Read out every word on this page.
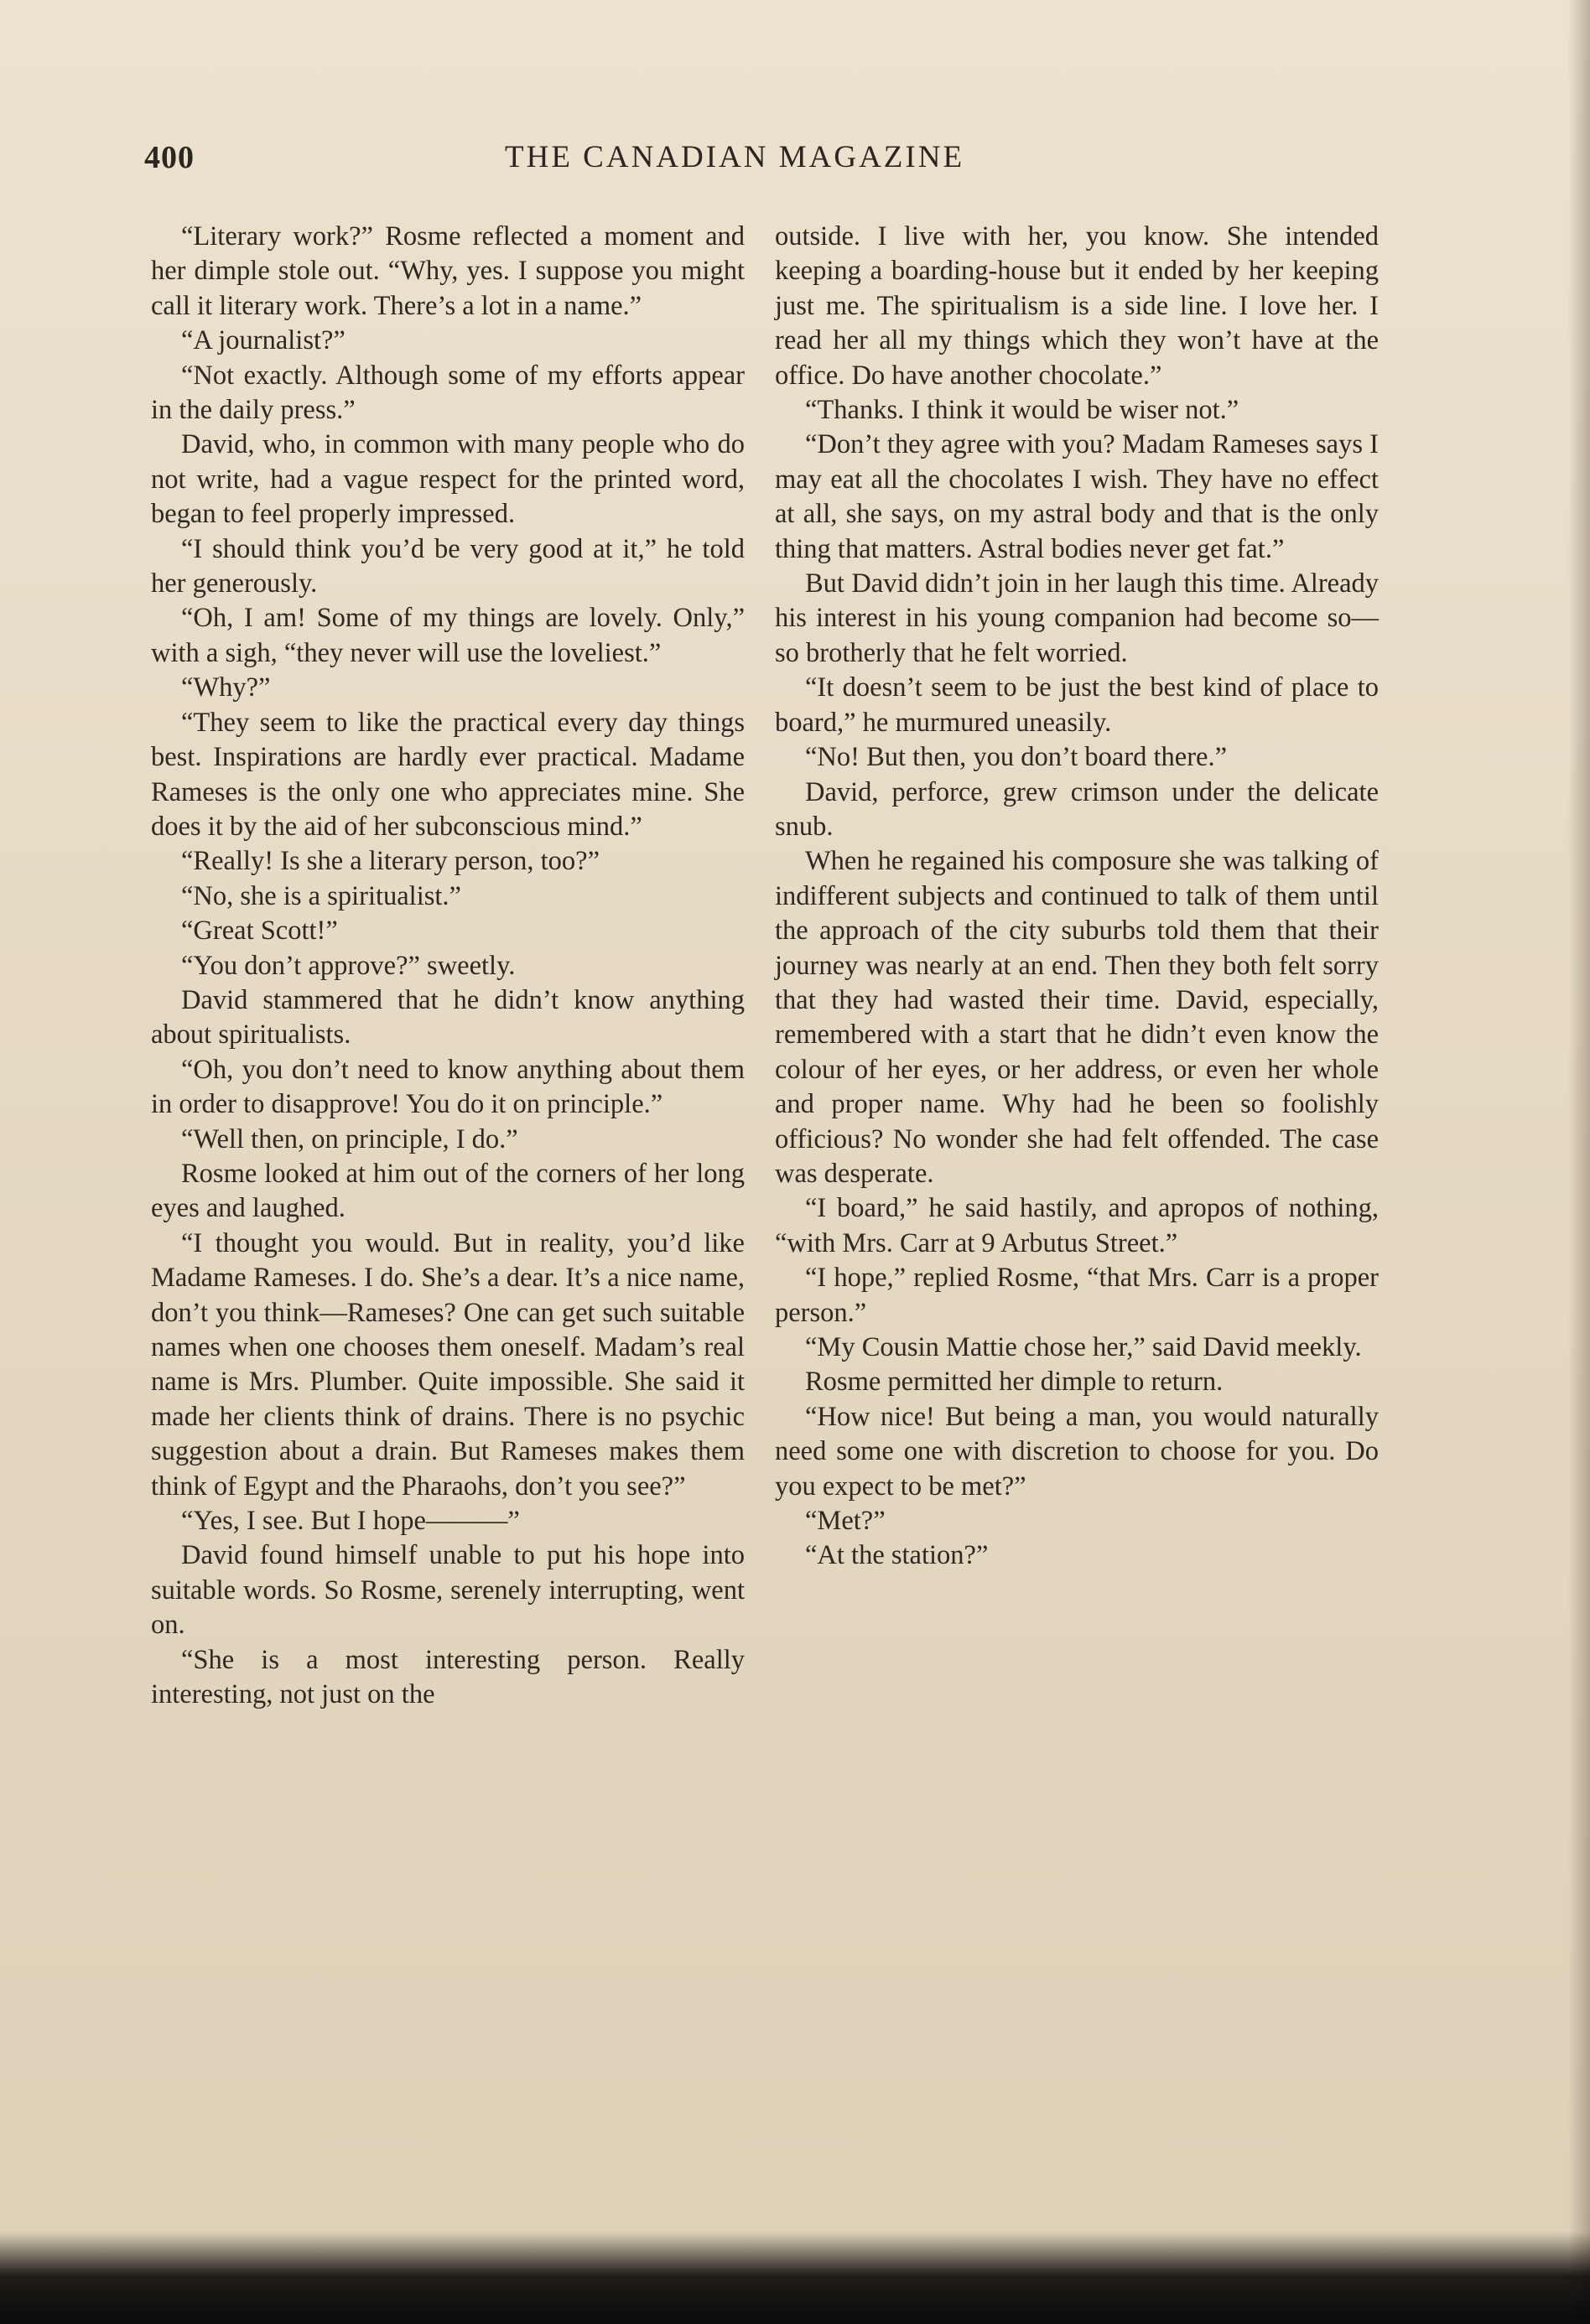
400	THE CANADIAN MAGAZINE

“Literary work?” Rosme reflected a moment and her dimple stole out. “Why, yes. I suppose you might call it literary work. There’s a lot in a name.”

“A journalist?”

“Not exactly. Although some of my efforts appear in the daily press.”

David, who, in common with many people who do not write, had a vague respect for the printed word, began to feel properly impressed.

“I should think you’d be very good at it,” he told her generously.

“Oh, I am! Some of my things are lovely. Only,” with a sigh, “they never will use the loveliest.”

“Why?”

“They seem to like the practical every day things best. Inspirations are hardly ever practical. Madame Rameses is the only one who appreciates mine. She does it by the aid of her subconscious mind.”

“Really! Is she a literary person, too?”

“No, she is a spiritualist.”

“Great Scott!”

“You don’t approve?” sweetly.

David stammered that he didn’t know anything about spiritualists.

“Oh, you don’t need to know anything about them in order to disapprove! You do it on principle.”

“Well then, on principle, I do.”

Rosme looked at him out of the corners of her long eyes and laughed.

“I thought you would. But in reality, you’d like Madame Rameses. I do. She’s a dear. It’s a nice name, don’t you think—Rameses? One can get such suitable names when one chooses them oneself. Madam’s real name is Mrs. Plumber. Quite impossible. She said it made her clients think of drains. There is no psychic suggestion about a drain. But Rameses makes them think of Egypt and the Pharaohs, don’t you see?”

“Yes, I see. But I hope———”

David found himself unable to put his hope into suitable words. So Rosme, serenely interrupting, went on.

“She is a most interesting person. Really interesting, not just on the

outside. I live with her, you know. She intended keeping a boarding-house but it ended by her keeping just me. The spiritualism is a side line. I love her. I read her all my things which they won’t have at the office. Do have another chocolate.”

“Thanks. I think it would be wiser not.”

“Don’t they agree with you? Madam Rameses says I may eat all the chocolates I wish. They have no effect at all, she says, on my astral body and that is the only thing that matters. Astral bodies never get fat.”

But David didn’t join in her laugh this time. Already his interest in his young companion had become so—so brotherly that he felt worried.

“It doesn’t seem to be just the best kind of place to board,” he murmured uneasily.

“No! But then, you don’t board there.”

David, perforce, grew crimson under the delicate snub.

When he regained his composure she was talking of indifferent subjects and continued to talk of them until the approach of the city suburbs told them that their journey was nearly at an end. Then they both felt sorry that they had wasted their time. David, especially, remembered with a start that he didn’t even know the colour of her eyes, or her address, or even her whole and proper name. Why had he been so foolishly officious? No wonder she had felt offended. The case was desperate.

“I board,” he said hastily, and apropos of nothing, “with Mrs. Carr at 9 Arbutus Street.”

“I hope,” replied Rosme, “that Mrs. Carr is a proper person.”

“My Cousin Mattie chose her,” said David meekly.

Rosme permitted her dimple to return.

“How nice! But being a man, you would naturally need some one with discretion to choose for you. Do you expect to be met?”

“Met?”

“At the station?”
